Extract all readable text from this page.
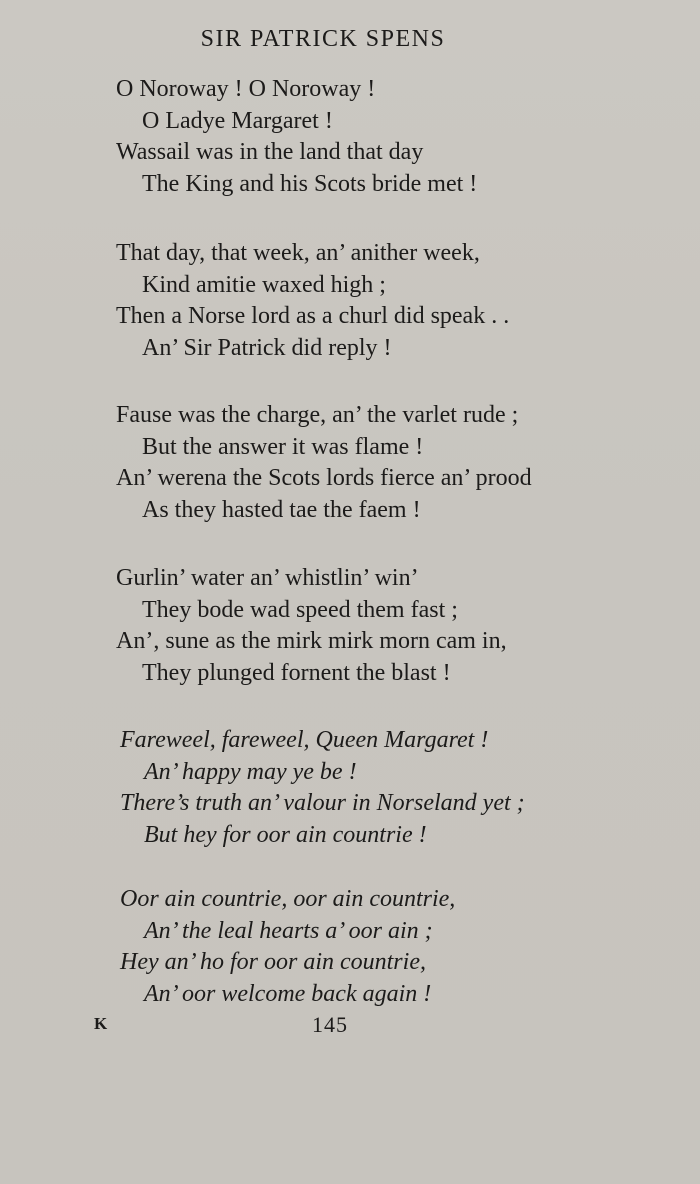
SIR PATRICK SPENS
O Noroway ! O Noroway !
O Ladye Margaret !
Wassail was in the land that day
The King and his Scots bride met !
That day, that week, an’ anither week,
Kind amitie waxed high ;
Then a Norse lord as a churl did speak . .
An’ Sir Patrick did reply !
Fause was the charge, an’ the varlet rude ;
But the answer it was flame !
An’ werena the Scots lords fierce an’ prood
As they hasted tae the faem !
Gurlin’ water an’ whistlin’ win’
They bode wad speed them fast ;
An’, sune as the mirk mirk morn cam in,
They plunged fornent the blast !
Fareweel, fareweel, Queen Margaret !
An’ happy may ye be !
There’s truth an’ valour in Norseland yet ;
But hey for oor ain countrie !
Oor ain countrie, oor ain countrie,
An’ the leal hearts a’ oor ain ;
Hey an’ ho for oor ain countrie,
An’ oor welcome back again !
K	145
